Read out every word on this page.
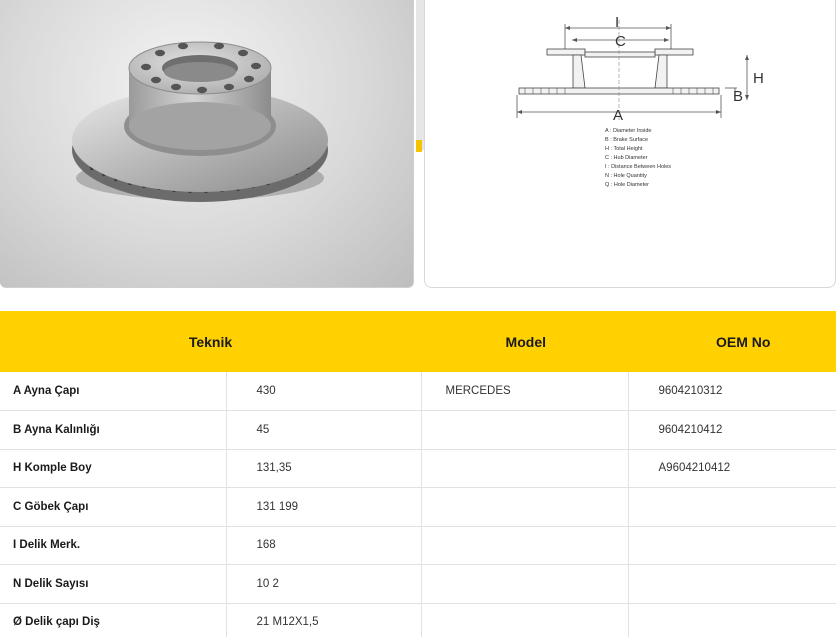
I
C
H
B
A
A : Diameter Inside
B : Brake Surface
H : Total Height
C : Hub Diameter
I : Distance Between Holes
N : Hole Quantity
Q : Hole Diameter
Teknik		Model	OEM No
A Ayna Çapı	430	MERCEDES	9604210312
B Ayna Kalınlığı	45		9604210412
H Komple Boy	131,35		A9604210412
C Göbek Çapı	131 199		
I Delik Merk.	168		
N Delik Sayısı	10 2		
Ø Delik çapı Diş	21 M12X1,5		
